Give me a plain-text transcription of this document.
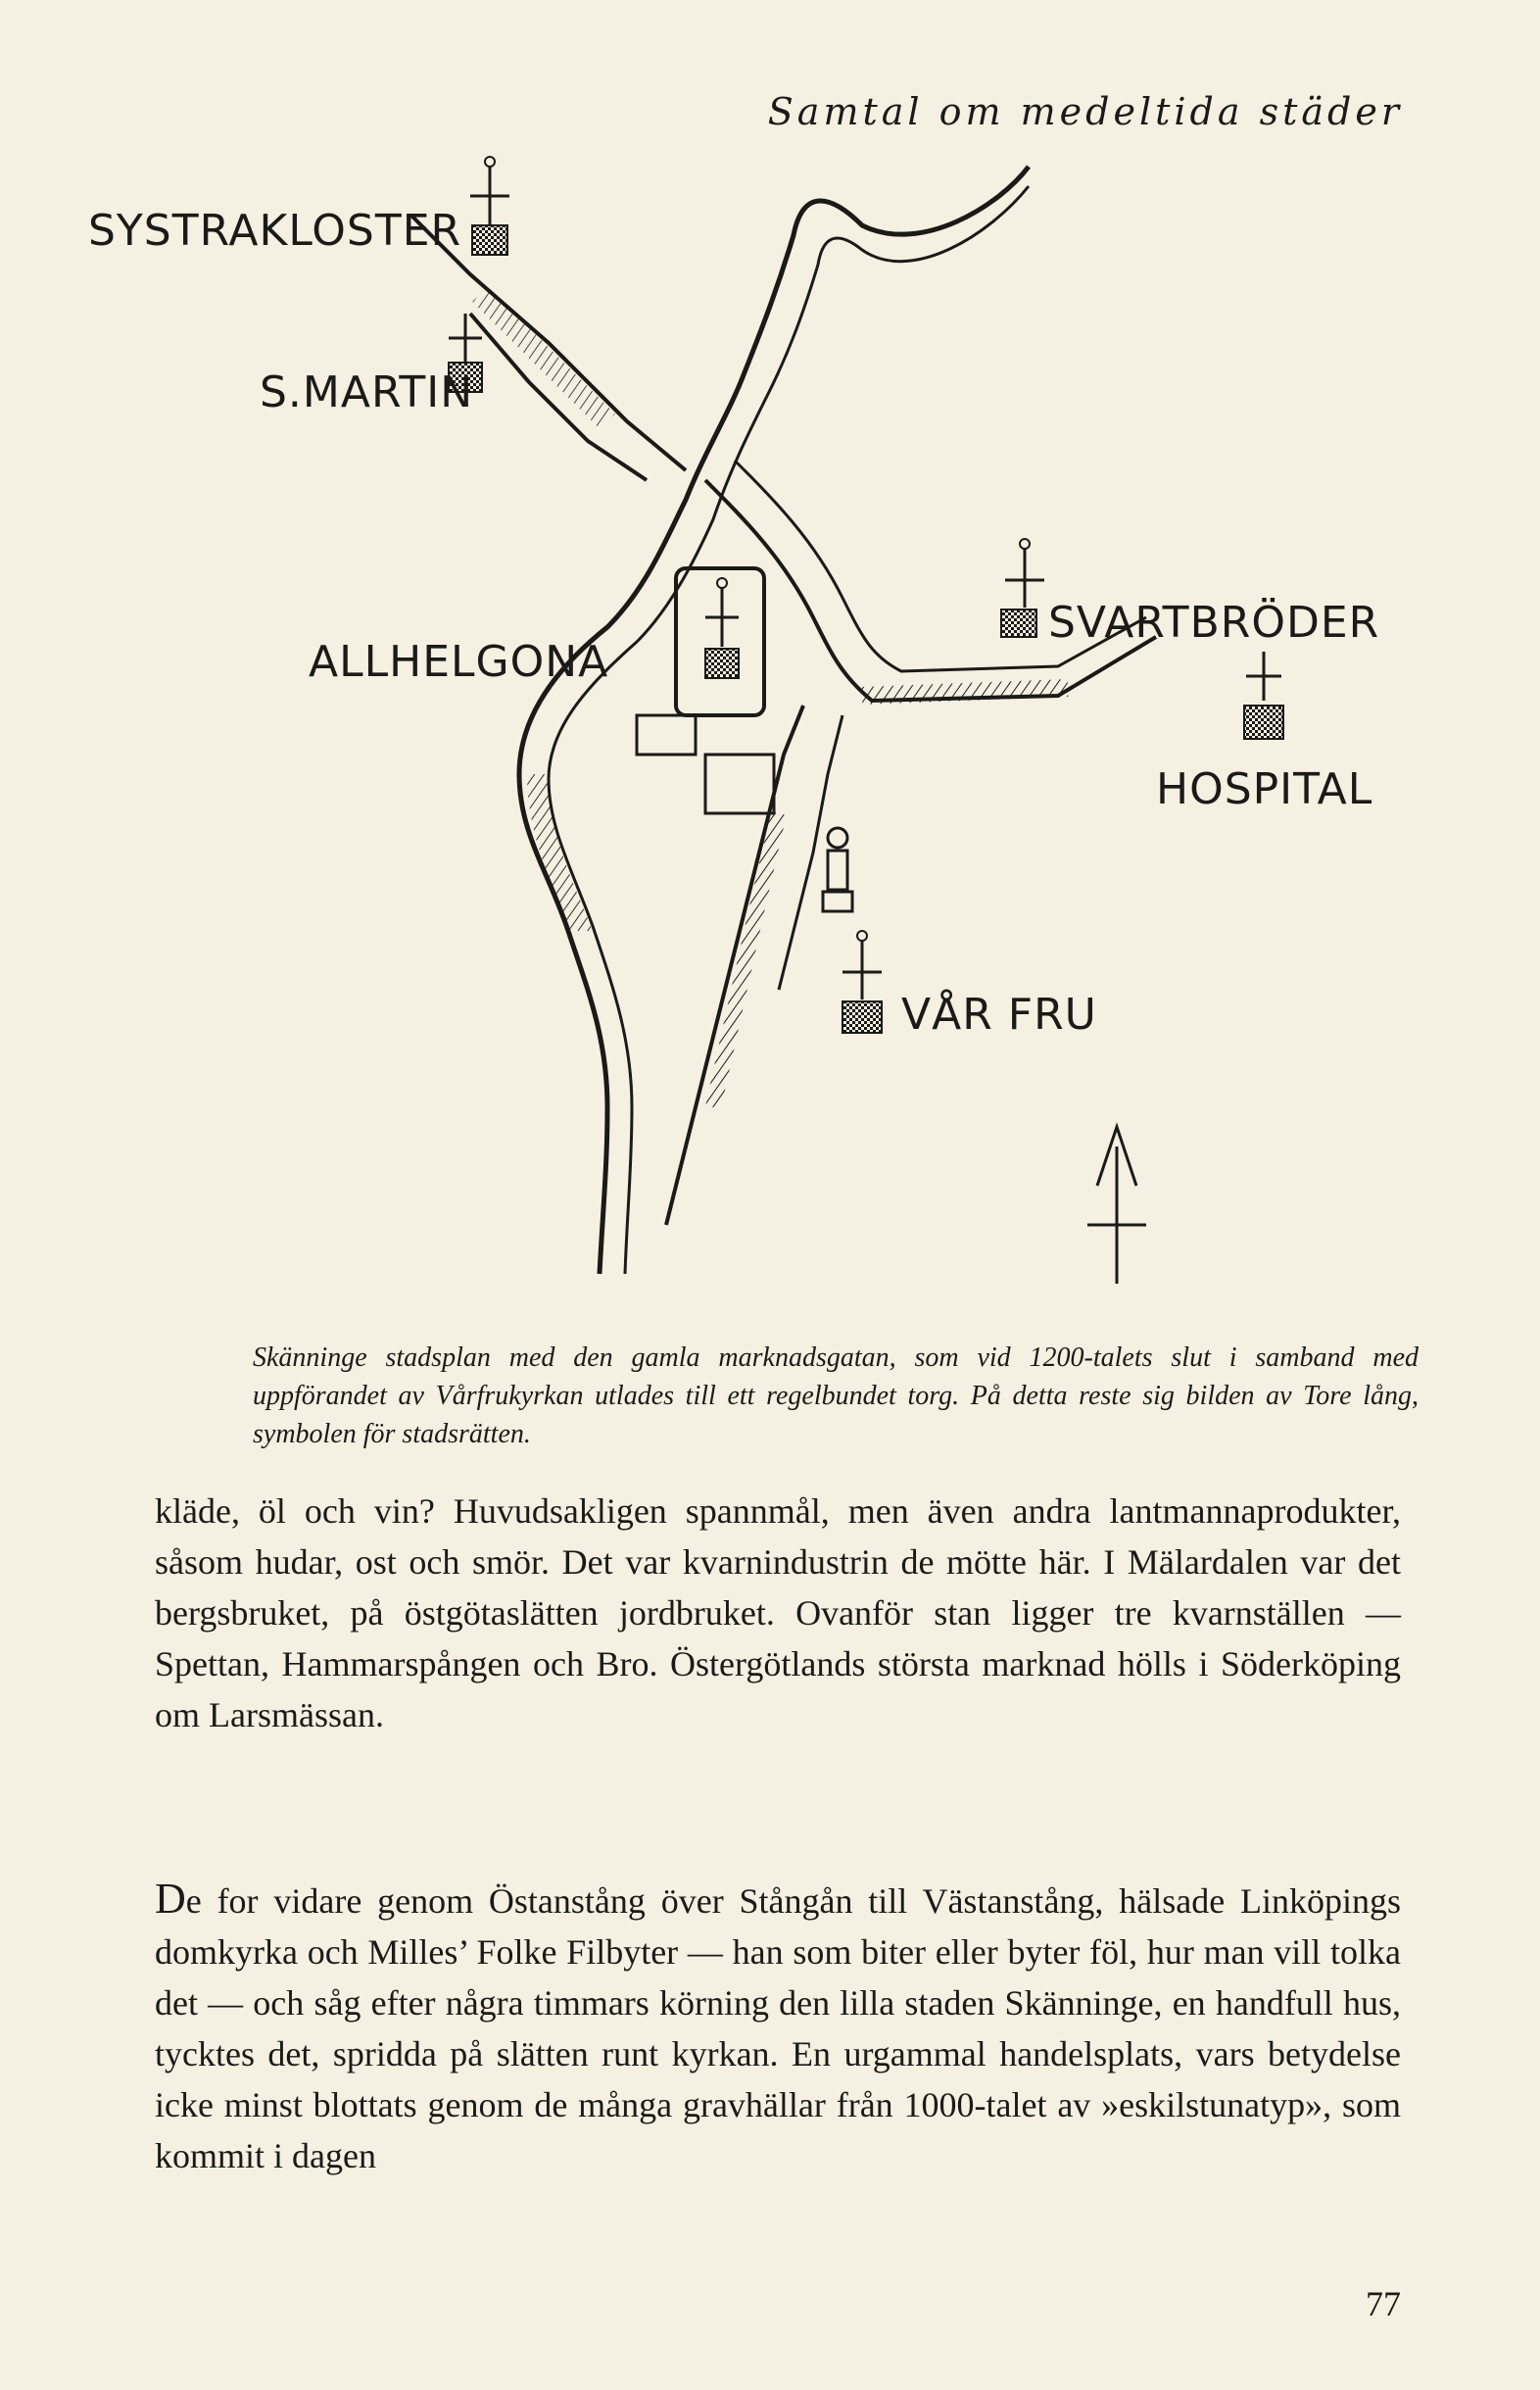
Samtal om medeltida städer
SYSTRAKLOSTER
S.MARTIN
ALLHELGONA
SVARTBRÖDER
HOSPITAL
VÅR FRU
Skänninge stadsplan med den gamla marknadsgatan, som vid 1200-talets slut i samband med uppförandet av Vårfrukyrkan utlades till ett regelbundet torg. På detta reste sig bilden av Tore lång, symbolen för stadsrätten.
kläde, öl och vin? Huvudsakligen spannmål, men även andra lantmannaprodukter, såsom hudar, ost och smör. Det var kvarnindustrin de mötte här. I Mälardalen var det bergsbruket, på östgötaslätten jordbruket. Ovanför stan ligger tre kvarnställen — Spettan, Hammarspången och Bro. Östergötlands största marknad hölls i Söderköping om Larsmässan.
De for vidare genom Östanstång över Stångån till Västanstång, hälsade Linköpings domkyrka och Milles’ Folke Filbyter — han som biter eller byter föl, hur man vill tolka det — och såg efter några timmars körning den lilla staden Skänninge, en handfull hus, tycktes det, spridda på slätten runt kyrkan. En urgammal handelsplats, vars betydelse icke minst blottats genom de många gravhällar från 1000-talet av »eskilstunatyp», som kommit i dagen
77
